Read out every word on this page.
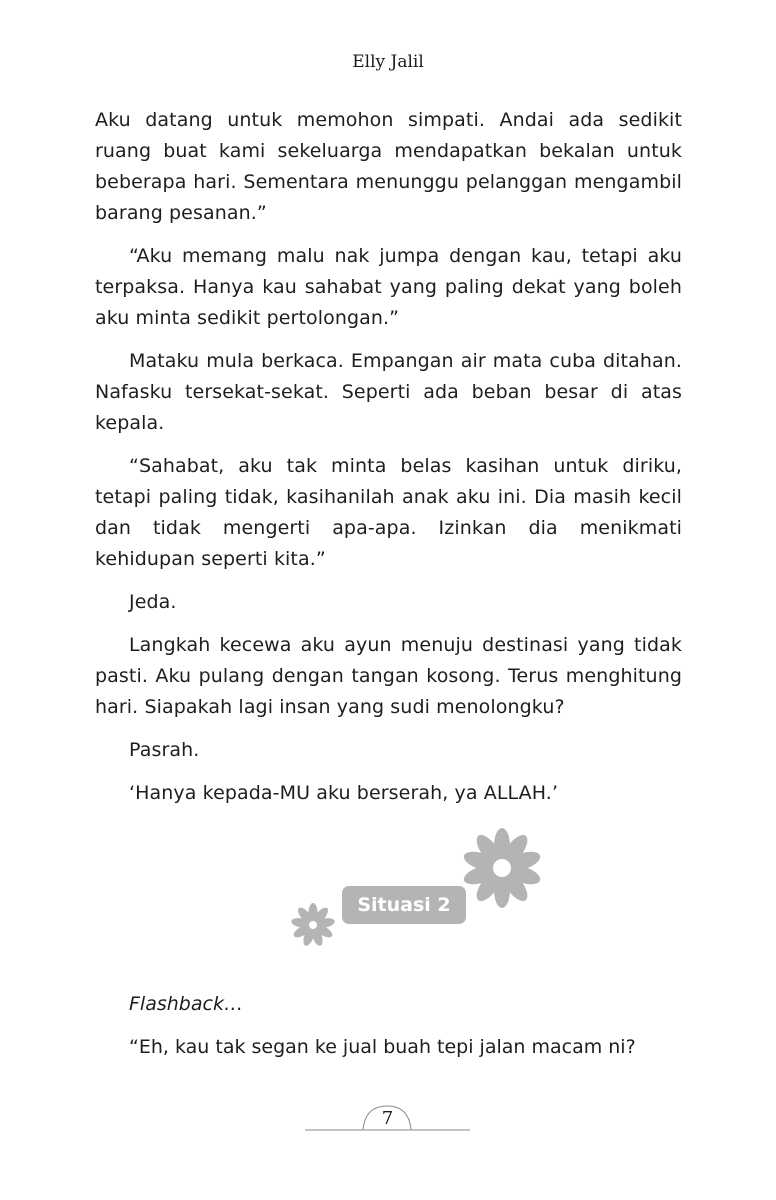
Elly Jalil

Aku datang untuk memohon simpati. Andai ada sedikit ruang buat kami sekeluarga mendapatkan bekalan untuk beberapa hari. Sementara menunggu pelanggan mengambil barang pesanan.”

“Aku memang malu nak jumpa dengan kau, tetapi aku terpaksa. Hanya kau sahabat yang paling dekat yang boleh aku minta sedikit pertolongan.”

Mataku mula berkaca. Empangan air mata cuba ditahan. Nafasku tersekat-sekat. Seperti ada beban besar di atas kepala.

“Sahabat, aku tak minta belas kasihan untuk diriku, tetapi paling tidak, kasihanilah anak aku ini. Dia masih kecil dan tidak mengerti apa-apa. Izinkan dia menikmati kehidupan seperti kita.”

Jeda.

Langkah kecewa aku ayun menuju destinasi yang tidak pasti. Aku pulang dengan tangan kosong. Terus menghitung hari. Siapakah lagi insan yang sudi menolongku?

Pasrah.

‘Hanya kepada-MU aku berserah, ya ALLAH.’

Situasi 2

Flashback…

“Eh, kau tak segan ke jual buah tepi jalan macam ni?

7
